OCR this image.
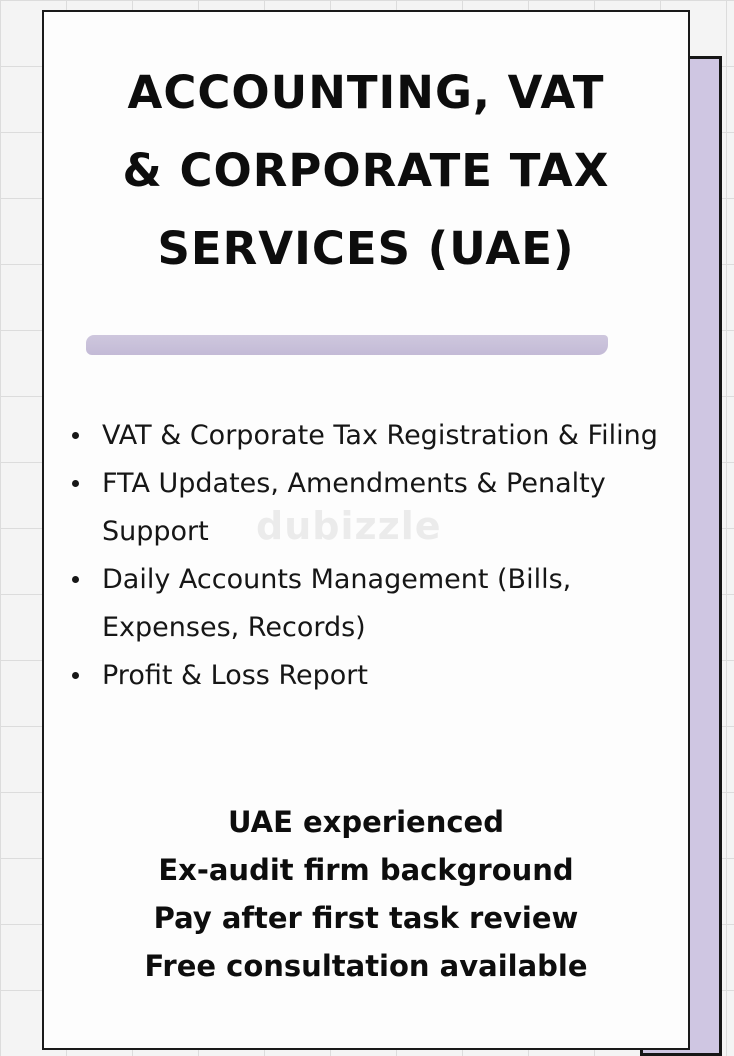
ACCOUNTING, VAT
& CORPORATE TAX
SERVICES (UAE)
dubizzle
VAT & Corporate Tax Registration & Filing
FTA Updates, Amendments & Penalty Support
Daily Accounts Management (Bills, Expenses, Records)
Profit & Loss Report
UAE experienced
Ex-audit firm background
Pay after first task review
Free consultation available
